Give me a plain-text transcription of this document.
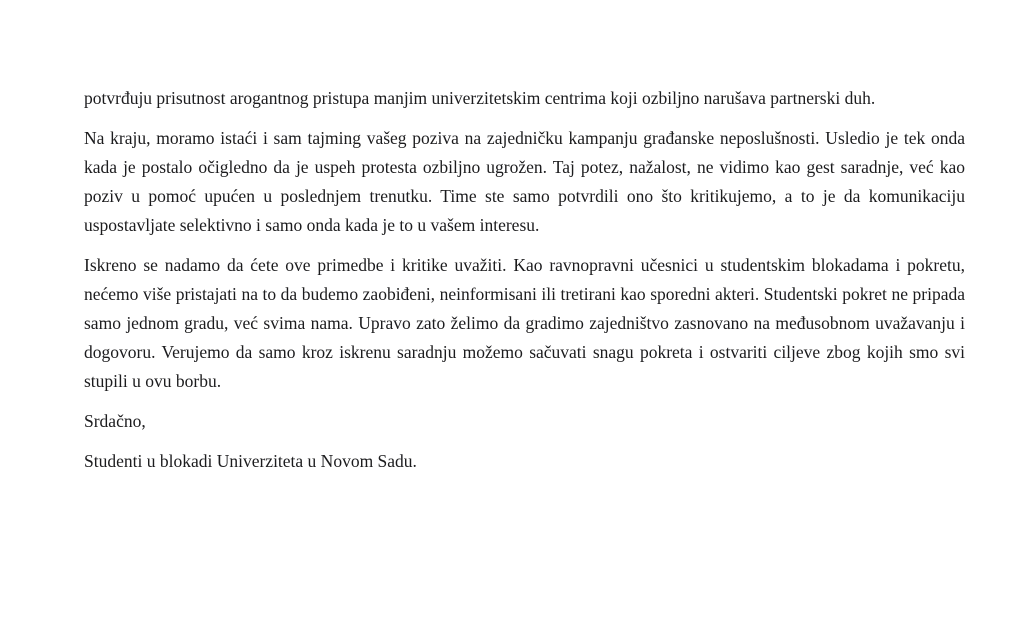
potvrđuju prisutnost arogantnog pristupa manjim univerzitetskim centrima koji ozbiljno narušava partnerski duh.

Na kraju, moramo istaći i sam tajming vašeg poziva na zajedničku kampanju građanske neposlušnosti. Usledio je tek onda kada je postalo očigledno da je uspeh protesta ozbiljno ugrožen. Taj potez, nažalost, ne vidimo kao gest saradnje, već kao poziv u pomoć upućen u poslednjem trenutku. Time ste samo potvrdili ono što kritikujemo, a to je da komunikaciju uspostavljate selektivno i samo onda kada je to u vašem interesu.

Iskreno se nadamo da ćete ove primedbe i kritike uvažiti. Kao ravnopravni učesnici u studentskim blokadama i pokretu, nećemo više pristajati na to da budemo zaobiđeni, neinformisani ili tretirani kao sporedni akteri. Studentski pokret ne pripada samo jednom gradu, već svima nama. Upravo zato želimo da gradimo zajedništvo zasnovano na međusobnom uvažavanju i dogovoru. Verujemo da samo kroz iskrenu saradnju možemo sačuvati snagu pokreta i ostvariti ciljeve zbog kojih smo svi stupili u ovu borbu.

Srdačno,

Studenti u blokadi Univerziteta u Novom Sadu.
